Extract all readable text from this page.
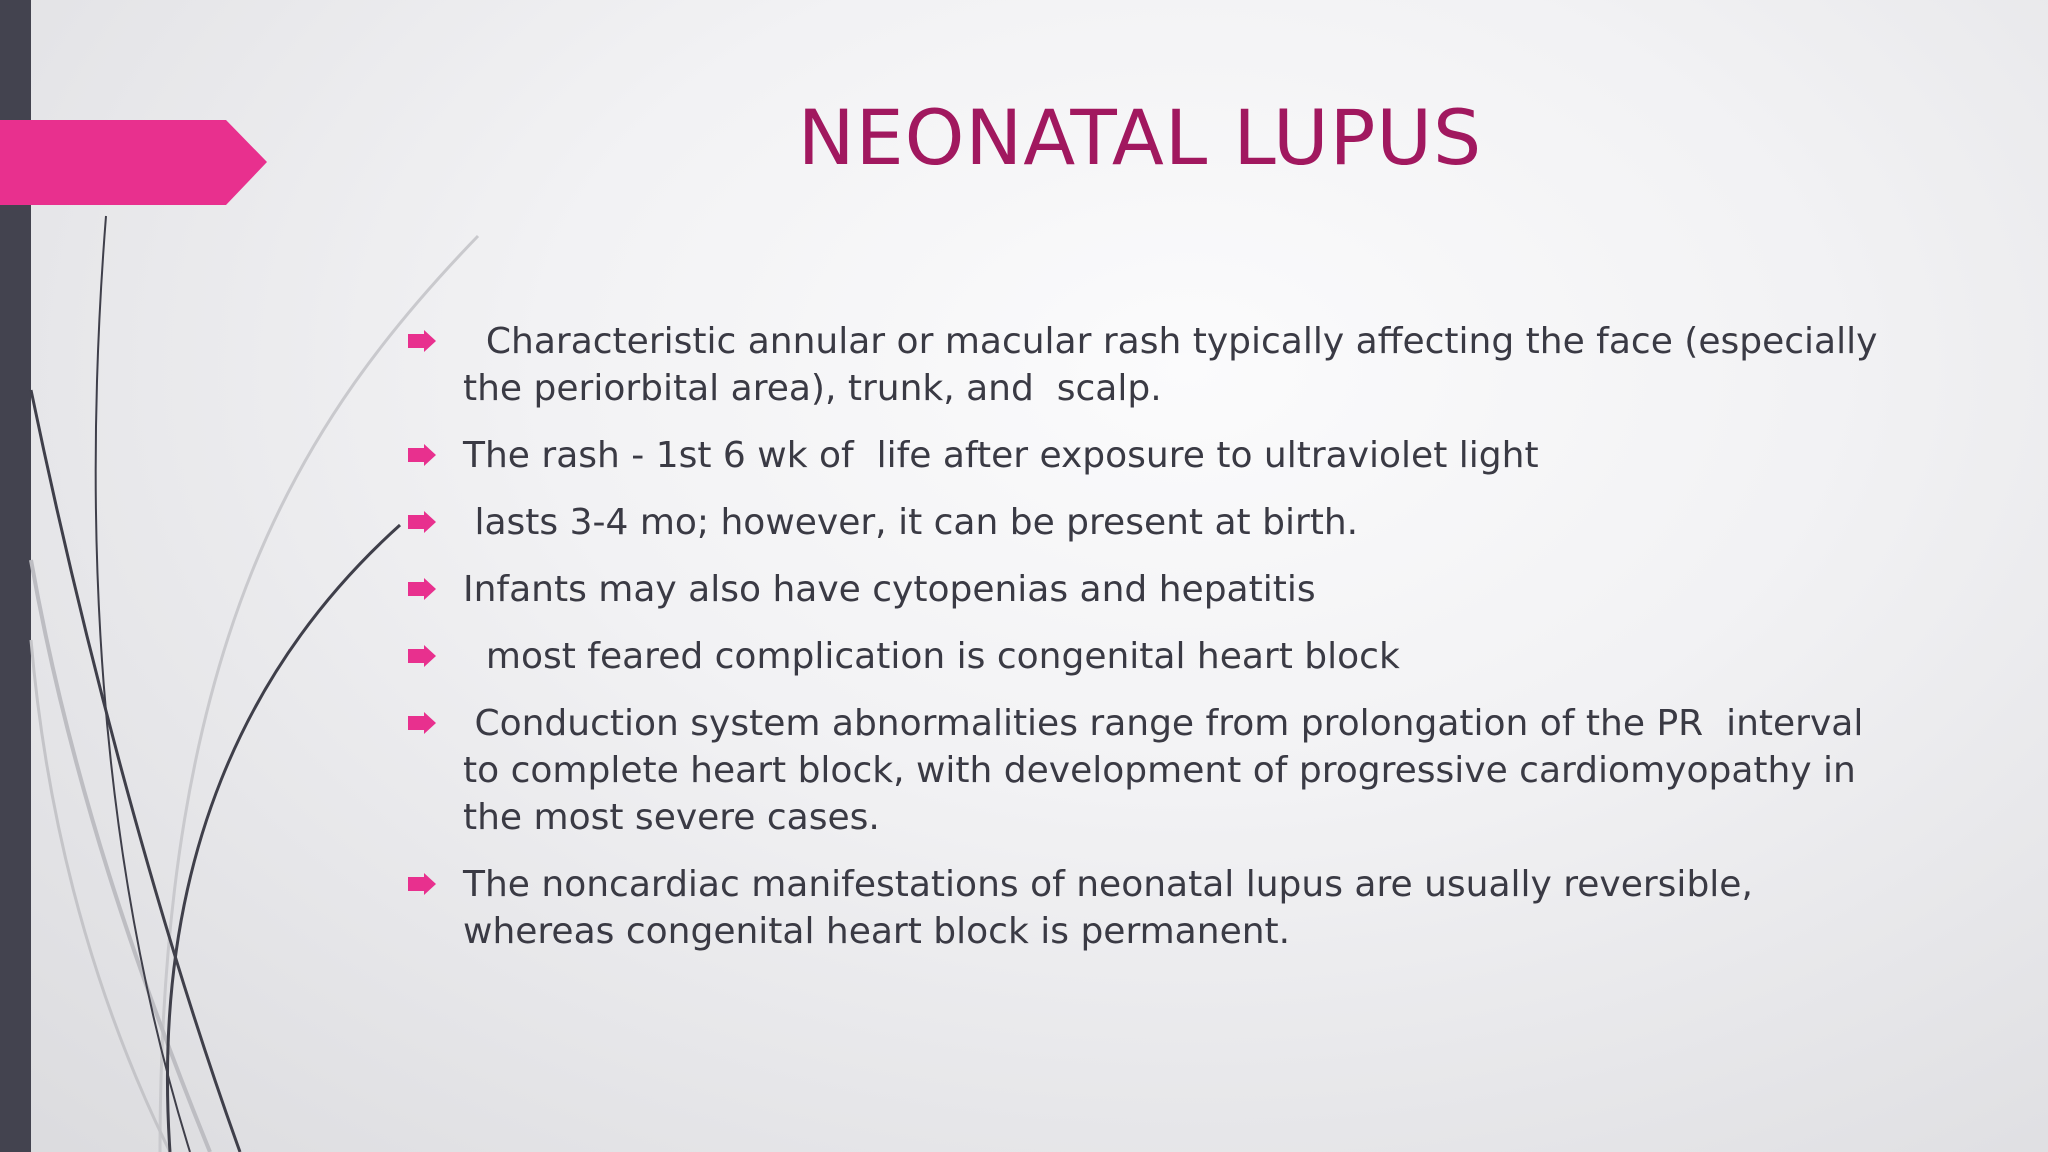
NEONATAL LUPUS
Characteristic annular or macular rash typically affecting the face (especially the periorbital area), trunk, and  scalp.
The rash - 1st 6 wk of  life after exposure to ultraviolet light
lasts 3-4 mo; however, it can be present at birth.
Infants may also have cytopenias and hepatitis
most feared complication is congenital heart block
Conduction system abnormalities range from prolongation of the PR  interval to complete heart block, with development of progressive cardiomyopathy in the most severe cases.
The noncardiac manifestations of neonatal lupus are usually reversible, whereas congenital heart block is permanent.
